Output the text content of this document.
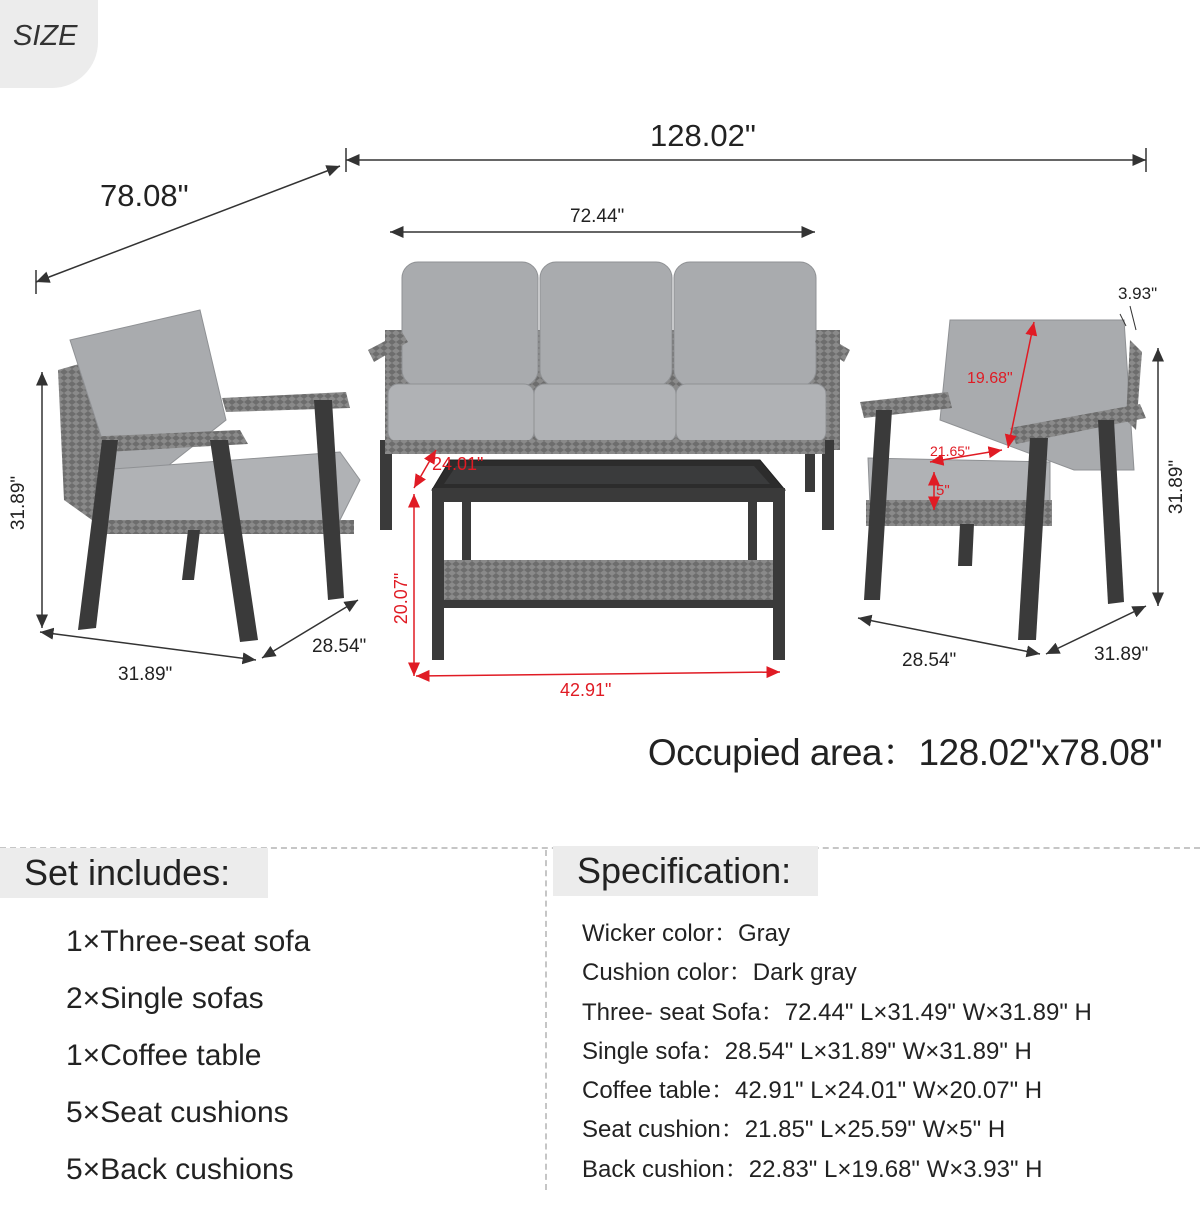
SIZE
128.02"
78.08"
72.44"
3.93"
19.68"
21.65"
5"
24.01"
20.07"
42.91"
31.89"
31.89"
28.54"
31.89"
28.54"	31.89"
Occupied area：128.02"x78.08"
Set includes:
1×Three-seat sofa
2×Single sofas
1×Coffee table
5×Seat cushions
5×Back cushions
Specification:
Wicker color：Gray
Cushion color：Dark gray
Three- seat Sofa：72.44" L×31.49" W×31.89" H
Single sofa：28.54" L×31.89" W×31.89" H
Coffee table：42.91" L×24.01" W×20.07" H
Seat cushion：21.85" L×25.59" W×5" H
Back cushion：22.83" L×19.68" W×3.93" H
